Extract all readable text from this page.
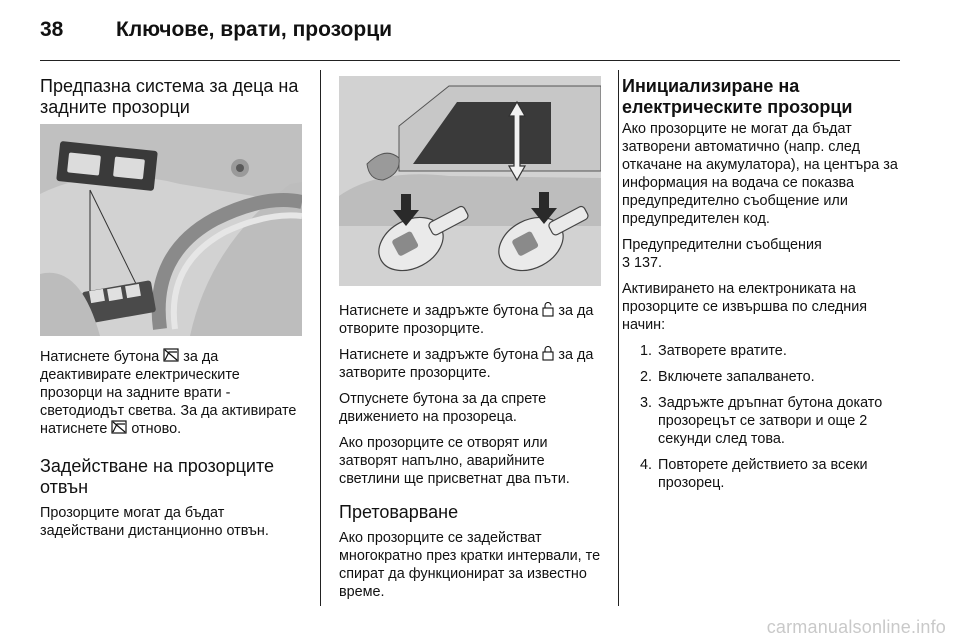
38	Ключове, врати, прозорци
Предпазна система за деца на задните прозорци

Натиснете бутона  за да деактивирате електрическите прозорци на задните врати - светодиодът светва. За да активирате натиснете  отново.

Задействане на прозорците отвън

Прозорците могат да бъдат задействани дистанционно отвън.

Натиснете и задръжте бутона  за да отворите прозорците.

Натиснете и задръжте бутона  за да затворите прозорците.

Отпуснете бутона за да спрете движението на прозореца.

Ако прозорците се отворят или затворят напълно, аварийните светлини ще присветнат два пъти.

Претоварване

Ако прозорците се задействат многократно през кратки интервали, те спират да функционират за известно време.

Инициализиране на електрическите прозорци

Ако прозорците не могат да бъдат затворени автоматично (напр. след откачане на акумулатора), на центъра за информация на водача се показва предупредително съобщение или предупредителен код.

Предупредителни съобщения
3 137.

Активирането на електрониката на прозорците се извършва по следния начин:

1. Затворете вратите.
2. Включете запалването.
3. Задръжте дръпнат бутона докато прозорецът се затвори и още 2 секунди след това.
4. Повторете действието за всеки прозорец.
carmanualsonline.info
